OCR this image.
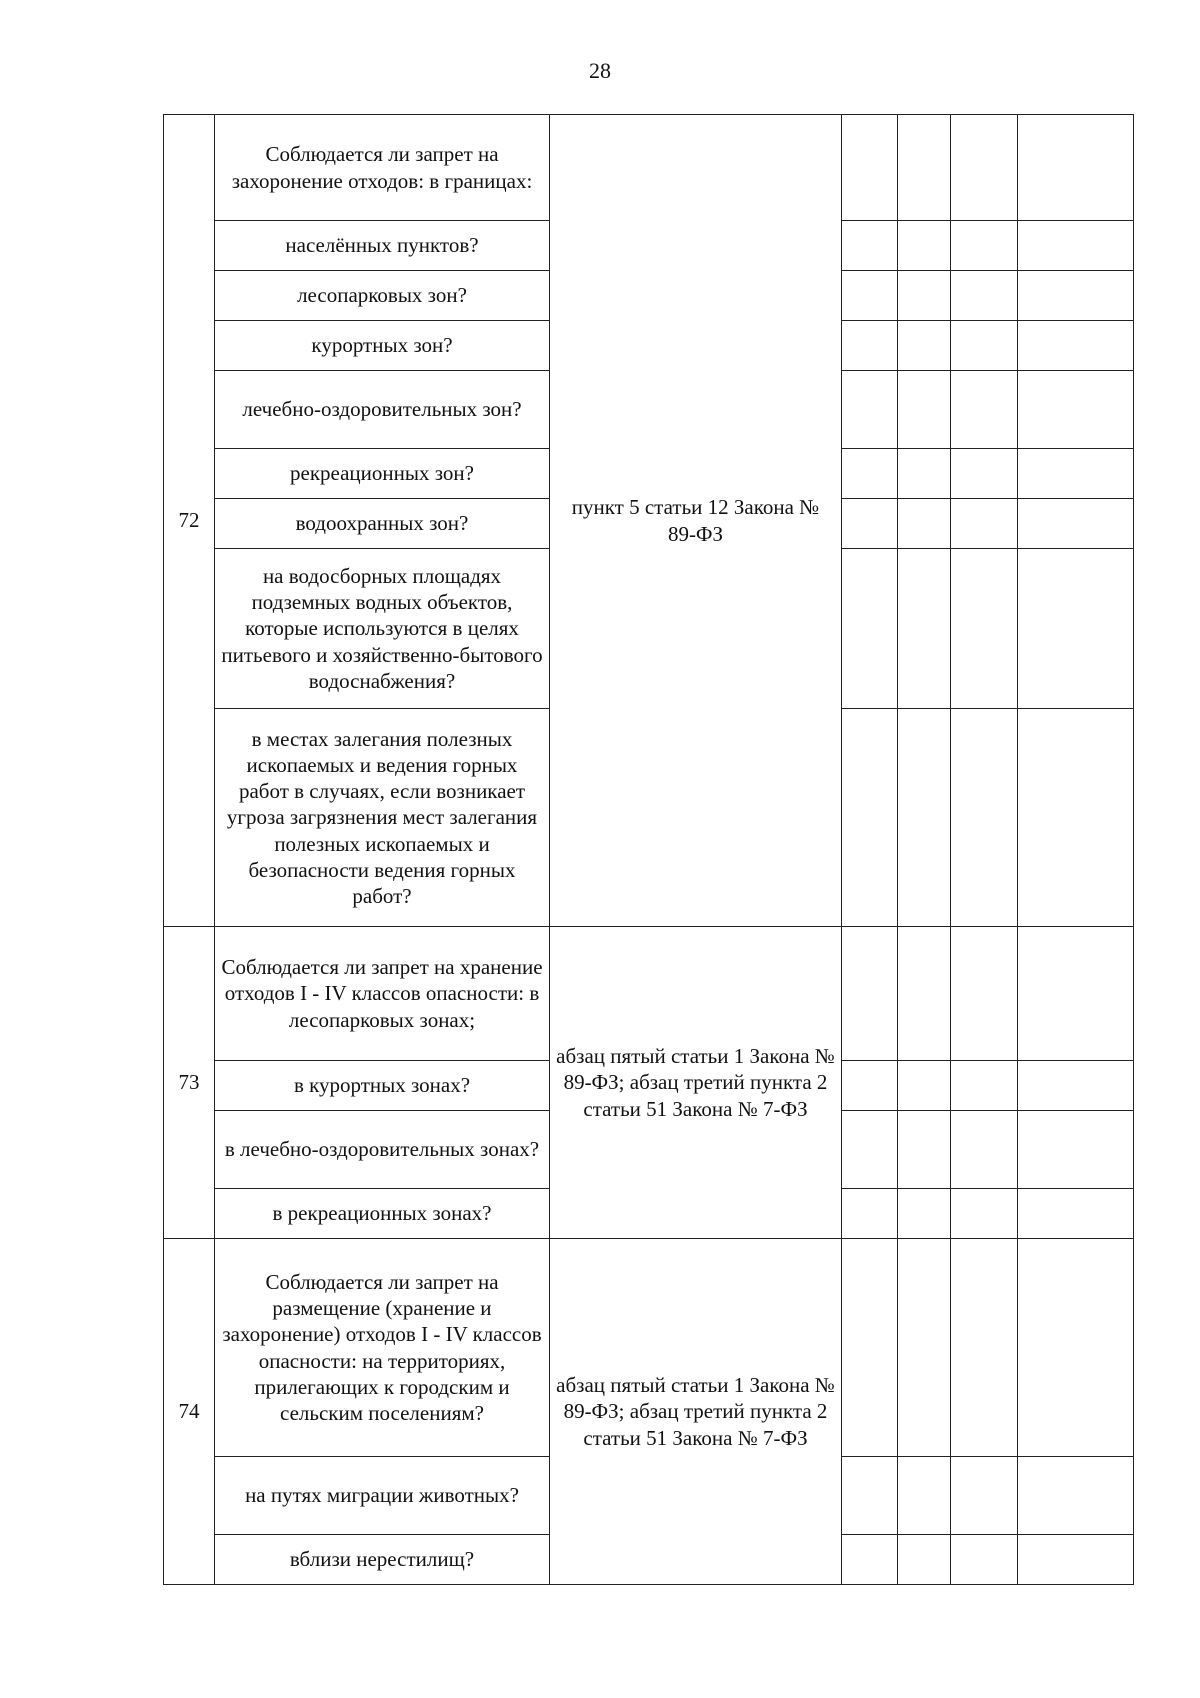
28
72	Соблюдается ли запрет на захоронение отходов: в границах:	пункт 5 статьи 12 Закона № 89-ФЗ				
	населённых пунктов?					
	лесопарковых зон?					
	курортных зон?					
	лечебно-оздоровительных зон?					
	рекреационных зон?					
	водоохранных зон?					
	на водосборных площадях подземных водных объектов, которые используются в целях питьевого и хозяйственно-бытового водоснабжения?					
	в местах залегания полезных ископаемых и ведения горных работ в случаях, если возникает угроза загрязнения мест залегания полезных ископаемых и безопасности ведения горных работ?					
73	Соблюдается ли запрет на хранение отходов I - IV классов опасности: в лесопарковых зонах;	абзац пятый статьи 1 Закона № 89-ФЗ; абзац третий пункта 2 статьи 51 Закона № 7-ФЗ				
	в курортных зонах?					
	в лечебно-оздоровительных зонах?					
	в рекреационных зонах?					
74	Соблюдается ли запрет на размещение (хранение и захоронение) отходов I - IV классов опасности: на территориях, прилегающих к городским и сельским поселениям?	абзац пятый статьи 1 Закона № 89-ФЗ; абзац третий пункта 2 статьи 51 Закона № 7-ФЗ				
	на путях миграции животных?					
	вблизи нерестилищ?					
